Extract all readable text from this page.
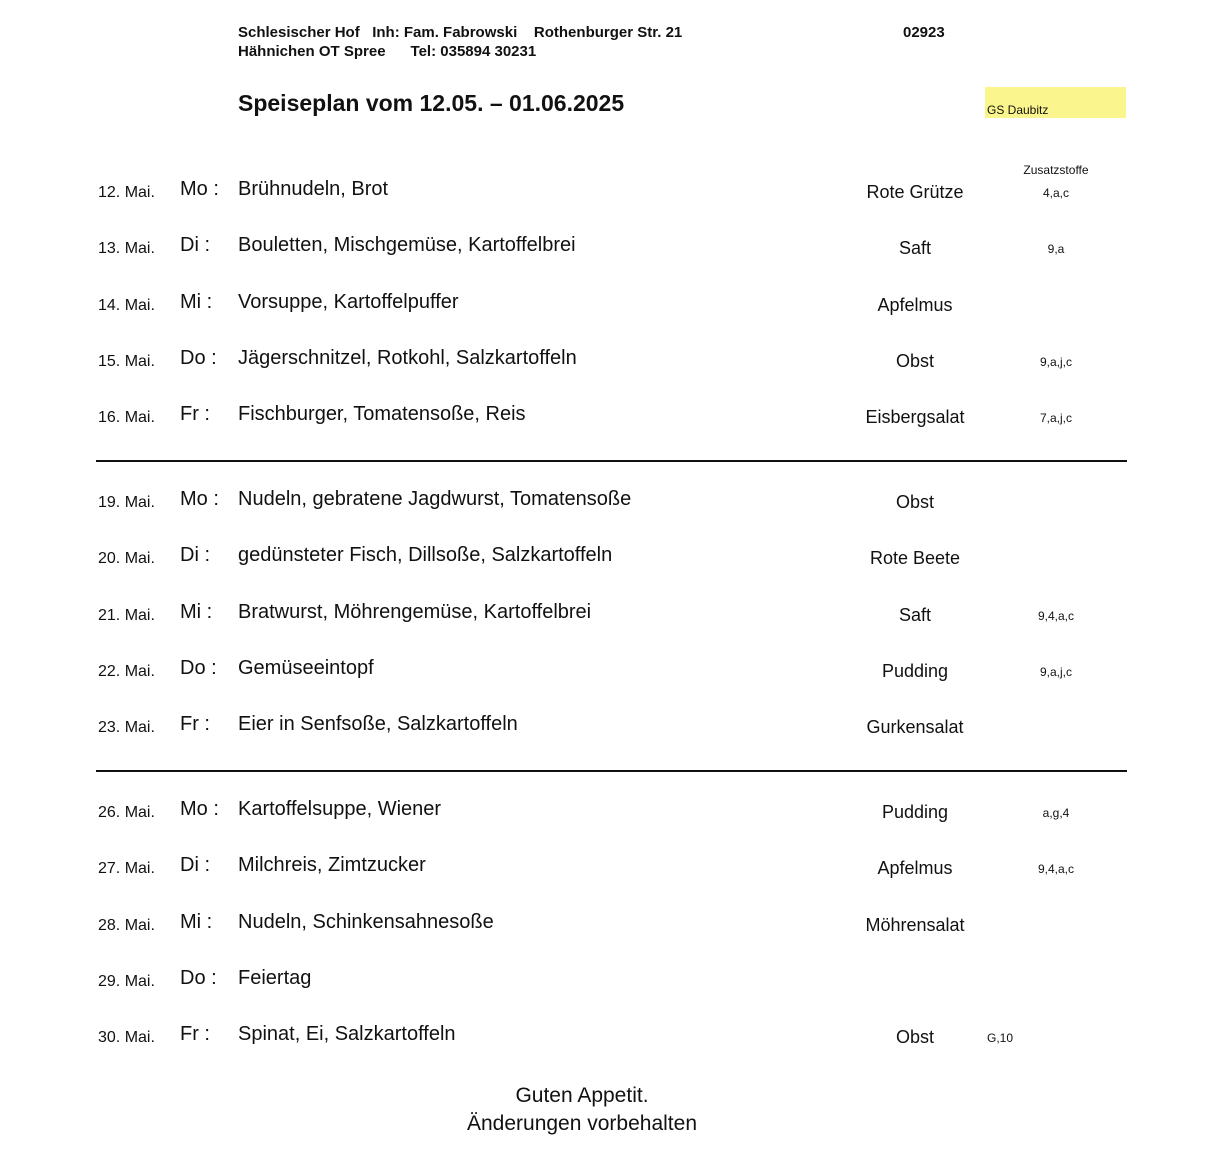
Schlesischer Hof   Inh: Fam. Fabrowski    Rothenburger Str. 21
Hähnichen OT Spree      Tel: 035894 30231
02923
Speiseplan vom 12.05. – 01.06.2025	GS Daubitz
Zusatzstoffe
12. Mai. Mo : Brühnudeln, Brot	Rote Grütze	4,a,c
13. Mai. Di : Bouletten, Mischgemüse, Kartoffelbrei	Saft	9,a
14. Mai. Mi : Vorsuppe, Kartoffelpuffer	Apfelmus
15. Mai. Do : Jägerschnitzel, Rotkohl, Salzkartoffeln	Obst	9,a,j,c
16. Mai. Fr : Fischburger, Tomatensoße, Reis	Eisbergsalat	7,a,j,c
19. Mai. Mo : Nudeln, gebratene Jagdwurst, Tomatensoße	Obst
20. Mai. Di : gedünsteter Fisch, Dillsoße, Salzkartoffeln	Rote Beete
21. Mai. Mi : Bratwurst, Möhrengemüse, Kartoffelbrei	Saft	9,4,a,c
22. Mai. Do : Gemüseeintopf	Pudding	9,a,j,c
23. Mai. Fr : Eier in Senfsoße, Salzkartoffeln	Gurkensalat
26. Mai. Mo : Kartoffelsuppe, Wiener	Pudding	a,g,4
27. Mai. Di : Milchreis, Zimtzucker	Apfelmus	9,4,a,c
28. Mai. Mi : Nudeln, Schinkensahnesoße	Möhrensalat
29. Mai. Do : Feiertag
30. Mai. Fr : Spinat, Ei, Salzkartoffeln	Obst	G,10
Guten Appetit.
Änderungen vorbehalten
